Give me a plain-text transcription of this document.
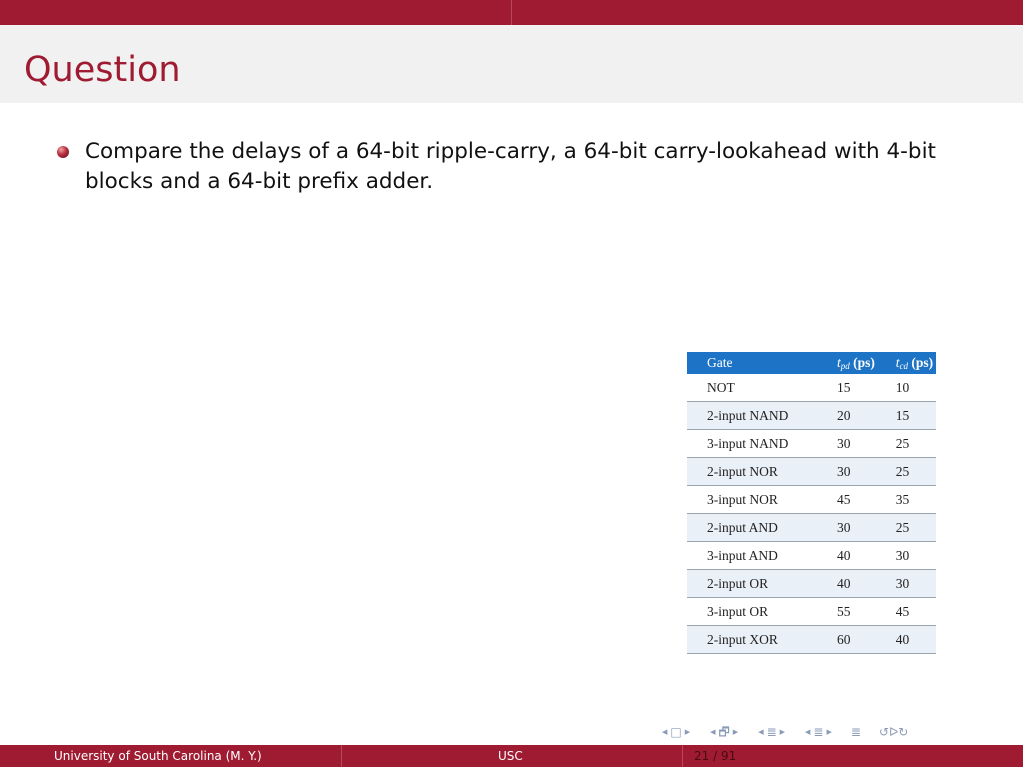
Question
Compare the delays of a 64-bit ripple-carry, a 64-bit carry-lookahead with 4-bit blocks and a 64-bit prefix adder.
Gate	$t_{pd}$ (ps)	$t_{cd}$ (ps)
NOT	15	10
2-input NAND	20	15
3-input NAND	30	25
2-input NOR	30	25
3-input NOR	45	35
2-input AND	30	25
3-input AND	40	30
2-input OR	40	30
3-input OR	55	45
2-input XOR	60	40
◀ □ ▶	◀ 🗗 ▶	◀ ≣ ▶	◀ ≣ ▶ ≣ ↺ᐅ↻
University of South Carolina (M. Y.)	USC	21 / 91
